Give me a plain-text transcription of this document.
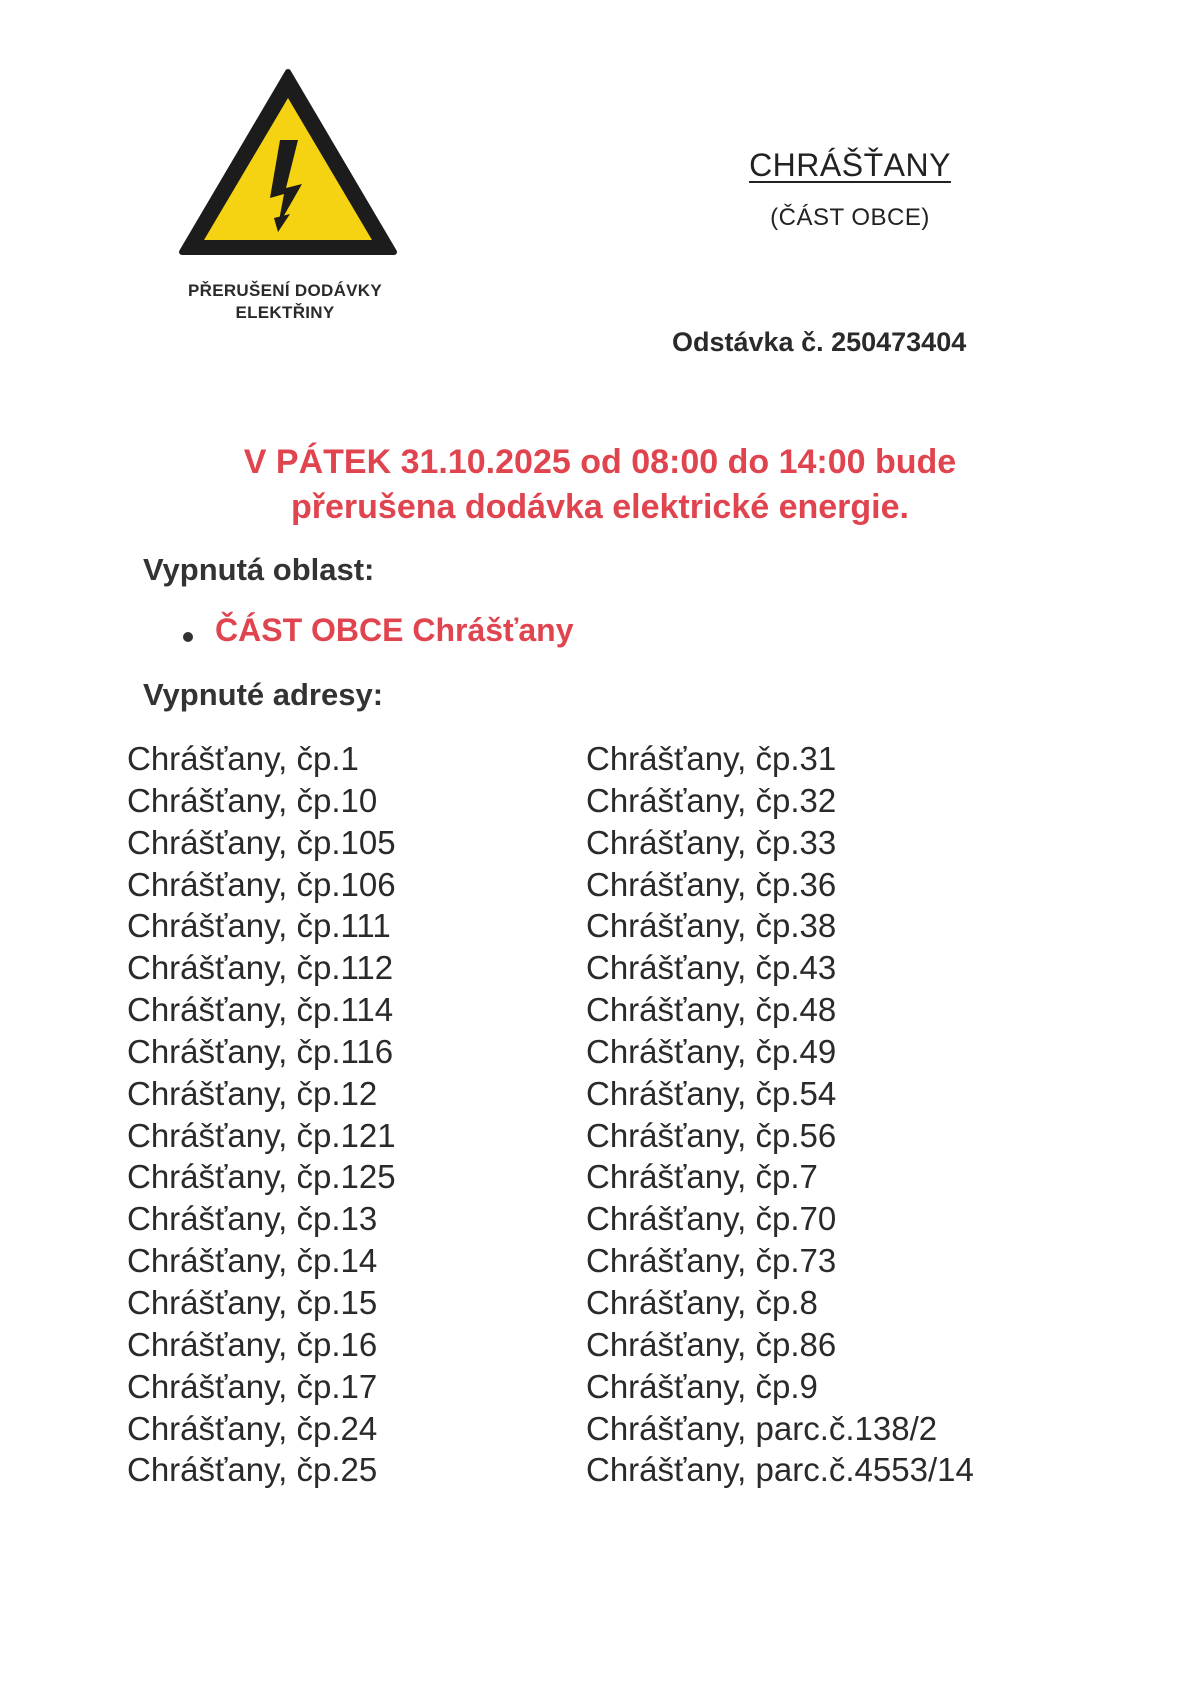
PŘERUŠENÍ DODÁVKY
ELEKTŘINY
CHRÁŠŤANY
(ČÁST OBCE)
Odstávka č. 250473404
V PÁTEK 31.10.2025 od 08:00 do 14:00 bude
přerušena dodávka elektrické energie.
Vypnutá oblast:
ČÁST OBCE Chrášťany
Vypnuté adresy:
Chrášťany, čp.1
Chrášťany, čp.10
Chrášťany, čp.105
Chrášťany, čp.106
Chrášťany, čp.111
Chrášťany, čp.112
Chrášťany, čp.114
Chrášťany, čp.116
Chrášťany, čp.12
Chrášťany, čp.121
Chrášťany, čp.125
Chrášťany, čp.13
Chrášťany, čp.14
Chrášťany, čp.15
Chrášťany, čp.16
Chrášťany, čp.17
Chrášťany, čp.24
Chrášťany, čp.25
Chrášťany, čp.31
Chrášťany, čp.32
Chrášťany, čp.33
Chrášťany, čp.36
Chrášťany, čp.38
Chrášťany, čp.43
Chrášťany, čp.48
Chrášťany, čp.49
Chrášťany, čp.54
Chrášťany, čp.56
Chrášťany, čp.7
Chrášťany, čp.70
Chrášťany, čp.73
Chrášťany, čp.8
Chrášťany, čp.86
Chrášťany, čp.9
Chrášťany, parc.č.138/2
Chrášťany, parc.č.4553/14
